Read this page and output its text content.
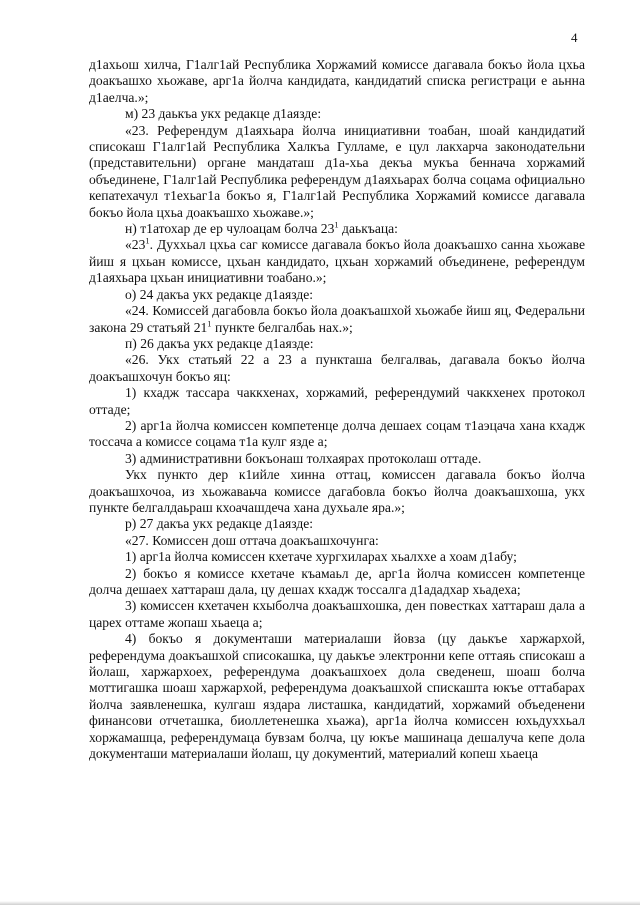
4

д1ахьош хилча, Г1алг1ай Республика Хоржамий комиссе дагавала бокъо йола цхьа доакъашхо хьожаве, арг1а йолча кандидата, кандидатий списка регистраци е аьнна д1аелча.»;

м) 23 даькъа укх редакце д1аязде:

«23. Референдум д1аяхьара йолча инициативни тоабан, шоай кандидатий списокаш Г1алг1ай Республика Халкъа Гулламе, е цул лакхарча законодательни (представительни) органе мандаташ д1а-хьа декъа мукъа беннача хоржамий объединене, Г1алг1ай Республика референдум д1аяхьарах болча соцама официально кепатехачул т1ехьаг1а бокъо я, Г1алг1ай Республика Хоржамий комиссе дагавала бокъо йола цхьа доакъашхо хьожаве.»;

н) т1атохар де ер чулоацам болча $23^1$ даькъаца:

«$23^1$. Духхьал цхьа саг комиссе дагавала бокъо йола доакъашхо санна хьожаве йиш я цхьан комиссе, цхьан кандидато, цхьан хоржамий объединене, референдум д1аяхьара цхьан инициативни тоабано.»;

о) 24 дакъа укх редакце д1аязде:

«24. Комиссей дагабовла бокъо йола доакъашхой хьожабе йиш яц, Федеральни закона 29 статьяй $21^1$ пункте белгалбаь нах.»;

п) 26 дакъа укх редакце д1аязде:

«26. Укх статьяй 22 а 23 а пункташа белгалваь, дагавала бокъо йолча доакъашхочун бокъо яц:

1) кхадж тассара чаккхенах, хоржамий, референдумий чаккхенех протокол оттаде;

2) арг1а йолча комиссен компетенце долча дешаех соцам т1аэцача хана кхадж тоссача а комиссе соцама т1а кулг язде а;

3) административни бокъонаш толхаярах протоколаш оттаде.

Укх пункто дер к1ийле хинна оттац, комиссен дагавала бокъо йолча доакъашхочоа, из хьожаваьча комиссе дагабовла бокъо йолча доакъашхоша, укх пункте белгалдаьраш кхоачашдеча хана духьале яра.»;

р) 27 дакъа укх редакце д1аязде:

«27. Комиссен дош оттача доакъашхочунга:

1) арг1а йолча комиссен кхетаче хургхиларах хьалхxе а хоам д1абу;

2) бокъо я комиссе кхетаче къамаьл де, арг1а йолча комиссен компетенце долча дешаех хаттараш дала, цу дешах кхадж тоссалга д1ададхар хьадеха;

3) комиссен кхетачен кхыболча доакъашхошка, ден повестках хаттараш дала а царех оттаме жопаш хьаеца а;

4) бокъо я документаши материалаши йовза (цу даькъе харжархой, референдума доакъашхой списокашка, цу даькъе электронни кепе оттаяь списокаш а йолаш, харжархоех, референдума доакъашхоех дола сведенеш, шоаш болча моттигашка шоаш харжархой, референдума доакъашхой спискашта юкъе оттабарах йолча заявленешка, кулгаш яздара листашка, кандидатий, хоржамий объеденени финансови отчеташка, биоллетенешка хьажа), арг1а йолча комиссен юхьдуххьал хоржамашца, референдумаца бувзам болча, цу юкъе машинаца дешалуча кепе дола документаши материалаши йолаш, цу документий, материалий копеш хьаеца
